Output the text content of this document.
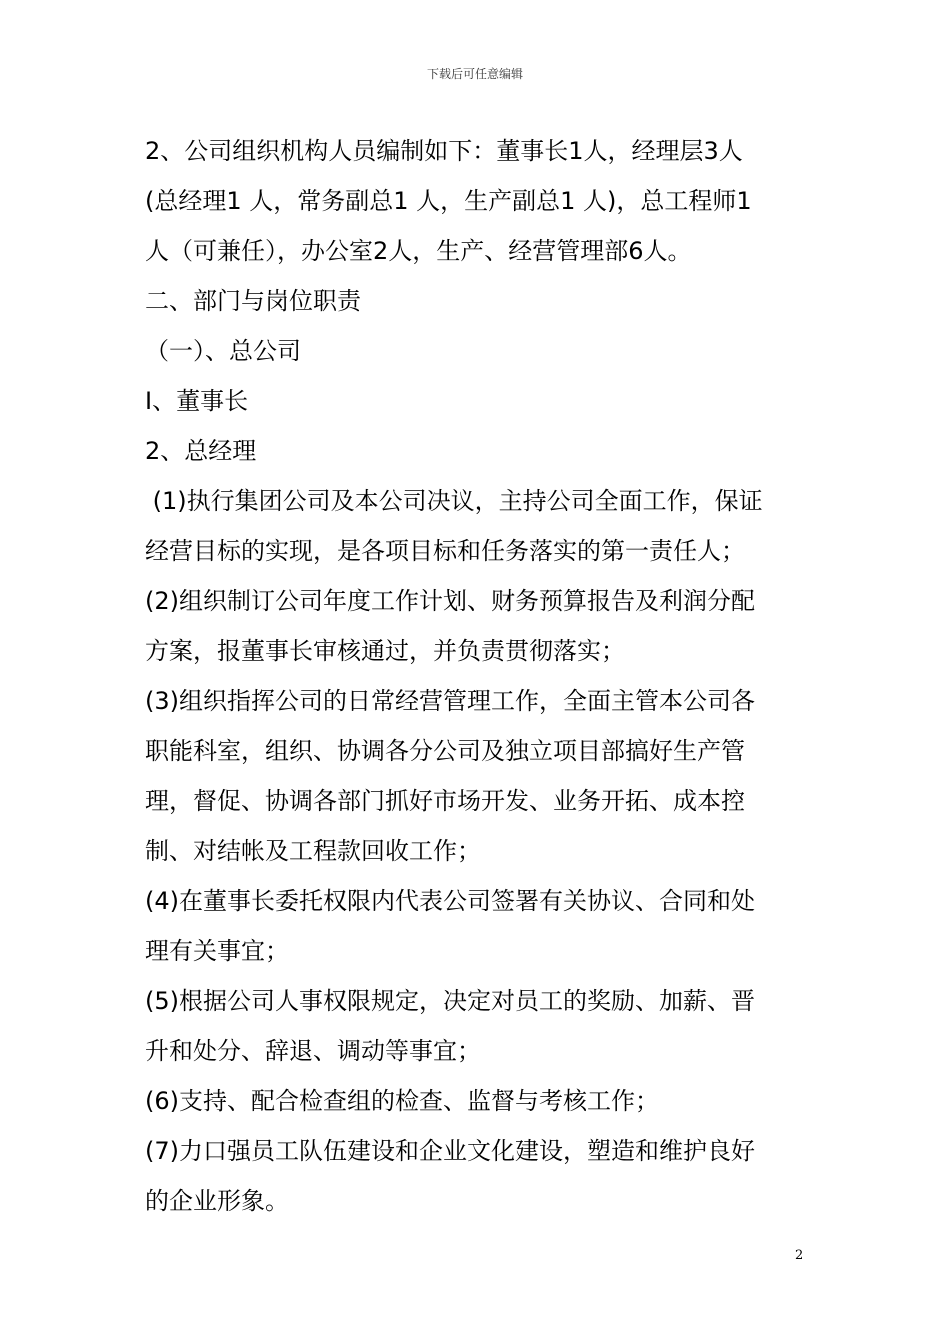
下载后可任意编辑
2、公司组织机构人员编制如下：董事长1人，经理层3人
(总经理1 人，常务副总1 人，生产副总1 人)，总工程师1
人（可兼任），办公室2人，生产、经营管理部6人。
二、部门与岗位职责
（一）、总公司
I、董事长
2、总经理
(1)执行集团公司及本公司决议，主持公司全面工作，保证
经营目标的实现，是各项目标和任务落实的第一责任人；
(2)组织制订公司年度工作计划、财务预算报告及利润分配
方案，报董事长审核通过，并负责贯彻落实；
(3)组织指挥公司的日常经营管理工作，全面主管本公司各
职能科室，组织、协调各分公司及独立项目部搞好生产管
理，督促、协调各部门抓好市场开发、业务开拓、成本控
制、对结帐及工程款回收工作；
(4)在董事长委托权限内代表公司签署有关协议、合同和处
理有关事宜；
(5)根据公司人事权限规定，决定对员工的奖励、加薪、晋
升和处分、辞退、调动等事宜；
(6)支持、配合检查组的检查、监督与考核工作；
(7)力口强员工队伍建设和企业文化建设，塑造和维护良好
的企业形象。
2
